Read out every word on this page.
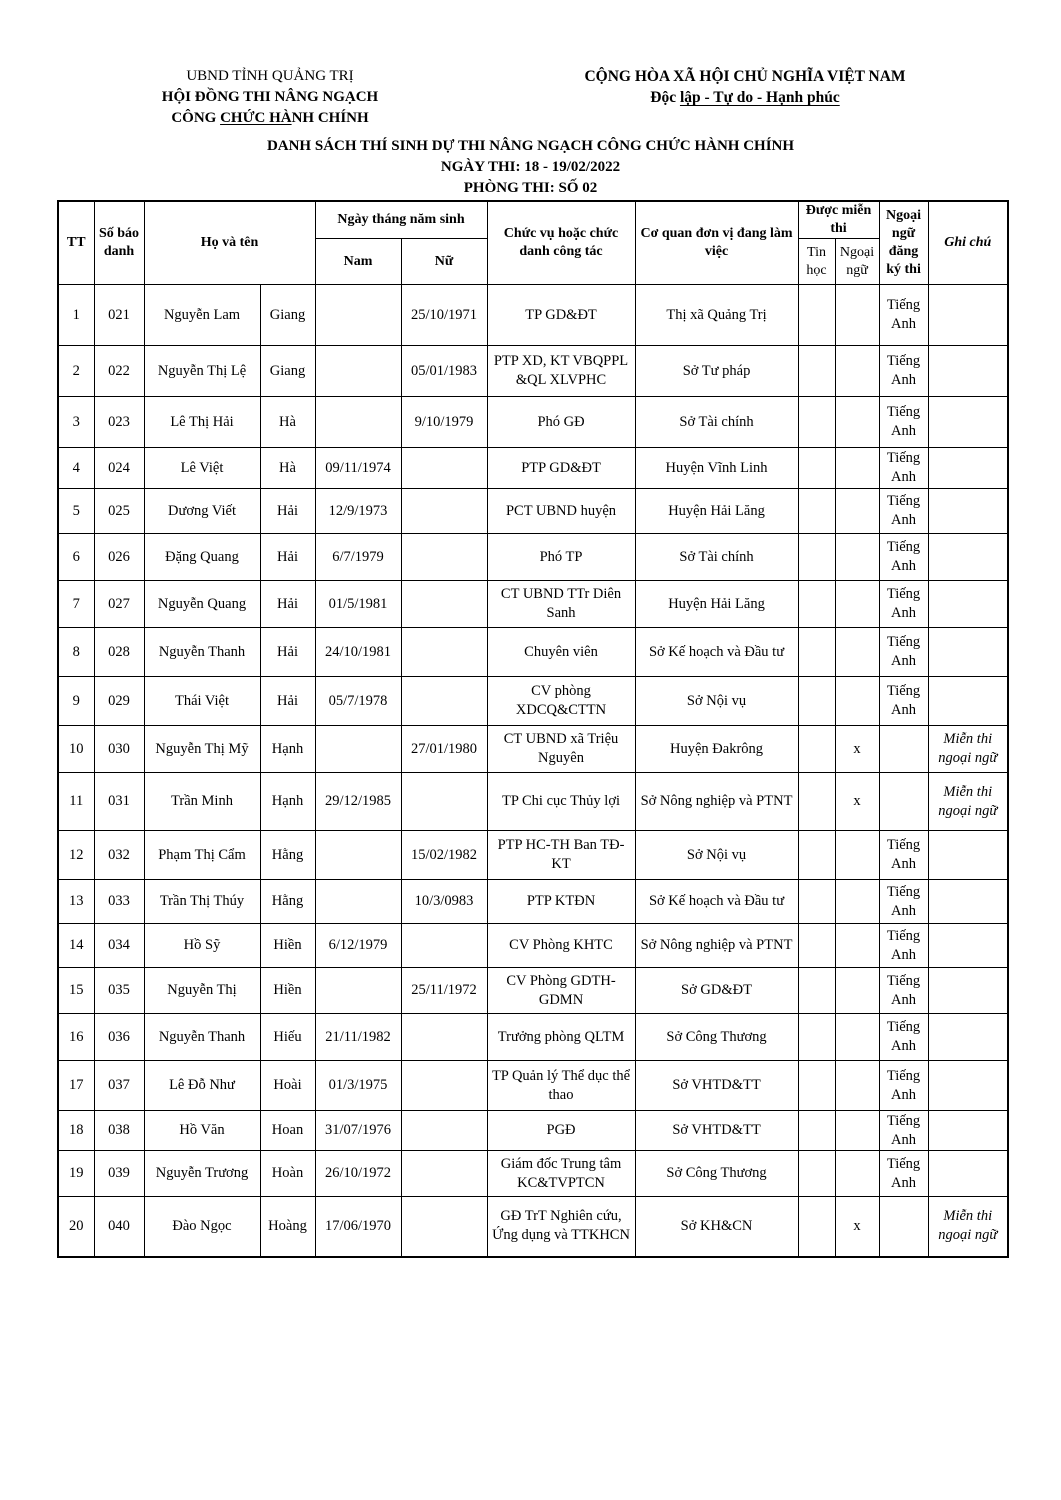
UBND TỈNH QUẢNG TRỊ
HỘI ĐỒNG THI NÂNG NGẠCH
CÔNG CHỨC HÀNH CHÍNH
CỘNG HÒA XÃ HỘI CHỦ NGHĨA VIỆT NAM
Độc lập - Tự do - Hạnh phúc
DANH SÁCH THÍ SINH DỰ THI NÂNG NGẠCH CÔNG CHỨC HÀNH CHÍNH
NGÀY THI: 18 - 19/02/2022
PHÒNG THI: SỐ 02
TT	Số báo danh	Họ và tên		Ngày tháng năm sinh		Chức vụ hoặc chức danh công tác	Cơ quan đơn vị đang làm việc	Được miễn thi		Ngoại ngữ đăng ký thi	Ghi chú
				Nam	Nữ			Tin học	Ngoại ngữ		
1	021	Nguyễn Lam	Giang		25/10/1971	TP GD&ĐT	Thị xã Quảng Trị			Tiếng Anh	
2	022	Nguyễn Thị Lệ	Giang		05/01/1983	PTP XD, KT VBQPPL &QL XLVPHC	Sở Tư pháp			Tiếng Anh	
3	023	Lê Thị Hải	Hà		9/10/1979	Phó GĐ	Sở Tài chính			Tiếng Anh	
4	024	Lê Việt	Hà	09/11/1974		PTP GD&ĐT	Huyện Vĩnh Linh			Tiếng Anh	
5	025	Dương Viết	Hải	12/9/1973		PCT UBND huyện	Huyện Hải Lăng			Tiếng Anh	
6	026	Đặng Quang	Hải	6/7/1979		Phó TP	Sở Tài chính			Tiếng Anh	
7	027	Nguyễn Quang	Hải	01/5/1981		CT UBND TTr Diên Sanh	Huyện Hải Lăng			Tiếng Anh	
8	028	Nguyễn Thanh	Hải	24/10/1981		Chuyên viên	Sở Kế hoạch và Đầu tư			Tiếng Anh	
9	029	Thái Việt	Hải	05/7/1978		CV phòng XDCQ&CTTN	Sở Nội vụ			Tiếng Anh	
10	030	Nguyễn Thị Mỹ	Hạnh		27/01/1980	CT UBND xã Triệu Nguyên	Huyện Đakrông		x		Miễn thi ngoại ngữ
11	031	Trần Minh	Hạnh	29/12/1985		TP Chi cục Thủy lợi	Sở Nông nghiệp và PTNT		x		Miễn thi ngoại ngữ
12	032	Phạm Thị Cẩm	Hằng		15/02/1982	PTP HC-TH Ban TĐ-KT	Sở Nội vụ			Tiếng Anh	
13	033	Trần Thị Thúy	Hằng		10/3/0983	PTP KTĐN	Sở Kế hoạch và Đầu tư			Tiếng Anh	
14	034	Hồ Sỹ	Hiền	6/12/1979		CV Phòng KHTC	Sở Nông nghiệp và PTNT			Tiếng Anh	
15	035	Nguyễn Thị	Hiền		25/11/1972	CV Phòng GDTH-GDMN	Sở GD&ĐT			Tiếng Anh	
16	036	Nguyễn Thanh	Hiếu	21/11/1982		Trưởng phòng QLTM	Sở Công Thương			Tiếng Anh	
17	037	Lê Đỗ Như	Hoài	01/3/1975		TP Quản lý Thể dục thể thao	Sở VHTD&TT			Tiếng Anh	
18	038	Hồ Văn	Hoan	31/07/1976		PGĐ	Sở VHTD&TT			Tiếng Anh	
19	039	Nguyễn Trương	Hoàn	26/10/1972		Giám đốc Trung tâm KC&TVPTCN	Sở Công Thương			Tiếng Anh	
20	040	Đào Ngọc	Hoàng	17/06/1970		GĐ TrT Nghiên cứu, Ứng dụng và TTKHCN	Sở KH&CN		x		Miễn thi ngoại ngữ
